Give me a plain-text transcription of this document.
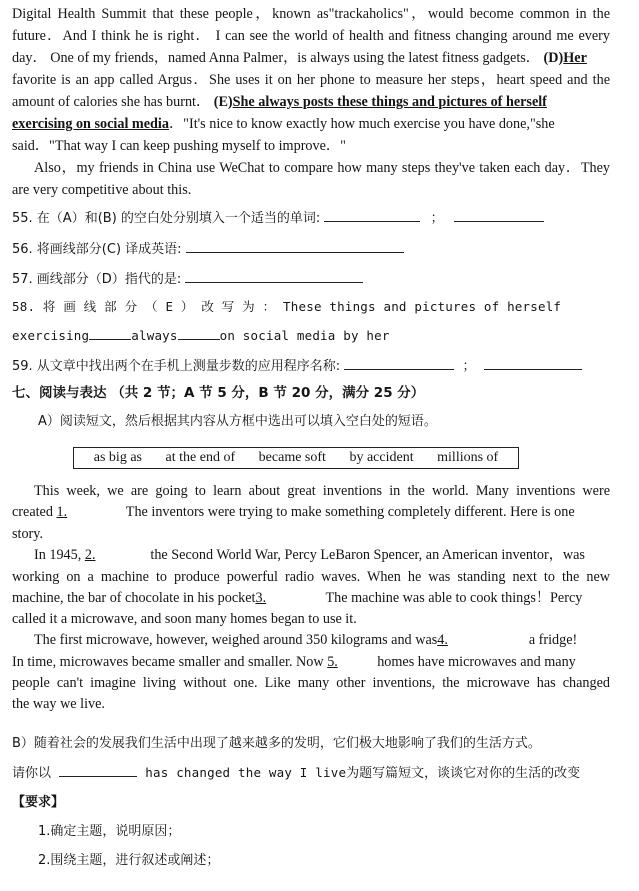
Digital Health Summit that these people，known as"trackaholics"，would become common in the
future．And I think he is right． I can see the world of health and fitness changing around me every
day． One of my friends，named Anna Palmer，is always using the latest fitness gadgets． (D)Her
favorite is an app called Argus．She uses it on her phone to measure her steps，heart speed and the
amount of calories she has burnt． (E)She always posts these things and pictures of herself
exercising on social media．"It's nice to know exactly how much exercise you have done,"she
said．"That way I can keep pushing myself to improve．"
Also，my friends in China use WeChat to compare how many steps they've taken each day．They
are very competitive about this.
55. 在（A）和(B) 的空白处分别填入一个适当的单词:	；
56. 将画线部分(C) 译成英语:
57. 画线部分（D）指代的是:
58. 将 画 线 部 分 （ E ） 改 写 为 ： These things and pictures of herself
exercising	always	on social media by her
59. 从文章中找出两个在手机上测量步数的应用程序名称:	；
七、阅读与表达 （共 2 节；A 节 5 分，B 节 20 分，满分 25 分）
A）阅读短文，然后根据其内容从方框中选出可以填入空白处的短语。
as big as at the end of became soft by accident millions of
This week, we are going to learn about great inventions in the world. Many inventions were
created 1.	The inventors were trying to make something completely different. Here is one
story.
In 1945, 2.	the Second World War, Percy LeBaron Spencer, an American inventor，was
working on a machine to produce powerful radio waves. When he was standing next to the new
machine, the bar of chocolate in his pocket3.	The machine was able to cook things！Percy
called it a microwave, and soon many homes began to use it.
The first microwave, however, weighed around 350 kilograms and was4.	a fridge!
In time, microwaves became smaller and smaller. Now 5.	homes have microwaves and many
people can't imagine living without one. Like many other inventions, the microwave has changed
the way we live.
B）随着社会的发展我们生活中出现了越来越多的发明，它们极大地影响了我们的生活方式。
请你以	has changed the way I live为题写篇短文，谈谈它对你的生活的改变
【要求】
1.确定主题，说明原因；
2.围绕主题，进行叙述或阐述；
